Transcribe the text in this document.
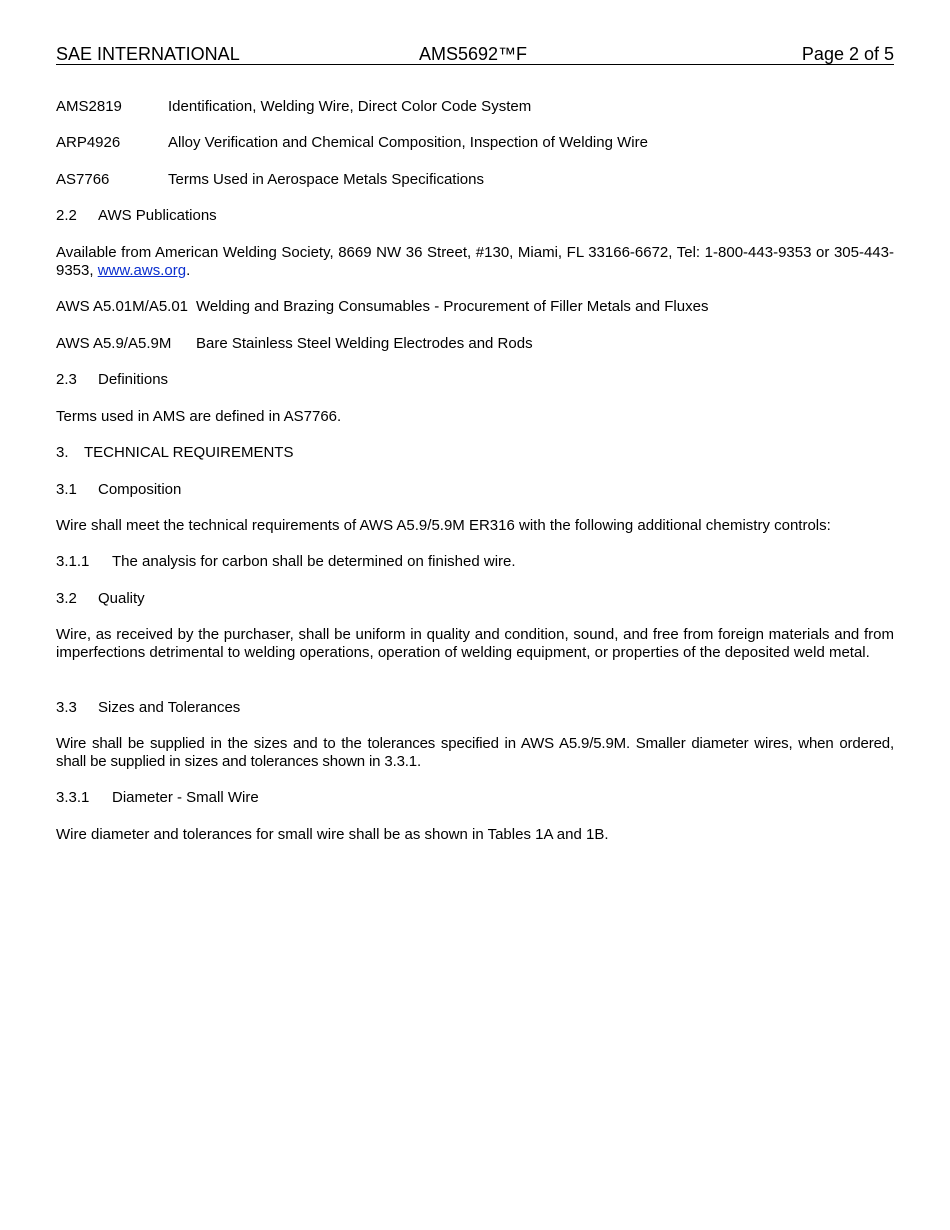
SAE INTERNATIONAL	AMS5692™F	Page 2 of 5
AMS2819	Identification, Welding Wire, Direct Color Code System
ARP4926	Alloy Verification and Chemical Composition, Inspection of Welding Wire
AS7766	Terms Used in Aerospace Metals Specifications
2.2 AWS Publications
Available from American Welding Society, 8669 NW 36 Street, #130, Miami, FL 33166-6672, Tel: 1-800-443-9353 or 305-443-9353, www.aws.org.
AWS A5.01M/A5.01 Welding and Brazing Consumables - Procurement of Filler Metals and Fluxes
AWS A5.9/A5.9M Bare Stainless Steel Welding Electrodes and Rods
2.3 Definitions
Terms used in AMS are defined in AS7766.
3. TECHNICAL REQUIREMENTS
3.1 Composition
Wire shall meet the technical requirements of AWS A5.9/5.9M ER316 with the following additional chemistry controls:
3.1.1 The analysis for carbon shall be determined on finished wire.
3.2 Quality
Wire, as received by the purchaser, shall be uniform in quality and condition, sound, and free from foreign materials and from imperfections detrimental to welding operations, operation of welding equipment, or properties of the deposited weld metal.
3.3 Sizes and Tolerances
Wire shall be supplied in the sizes and to the tolerances specified in AWS A5.9/5.9M. Smaller diameter wires, when ordered, shall be supplied in sizes and tolerances shown in 3.3.1.
3.3.1 Diameter - Small Wire
Wire diameter and tolerances for small wire shall be as shown in Tables 1A and 1B.
